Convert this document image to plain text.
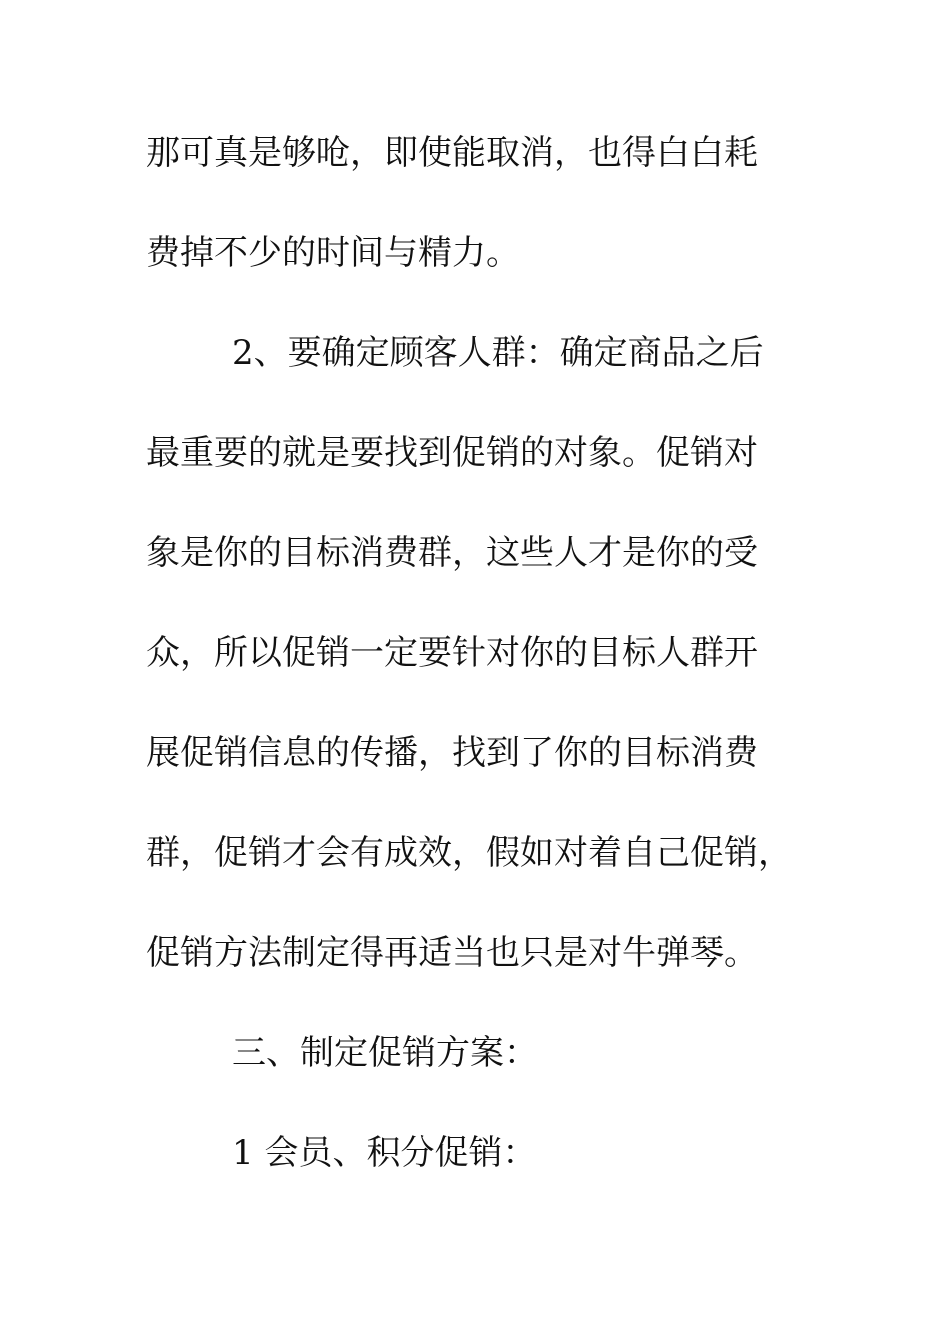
那可真是够呛，即使能取消，也得白白耗
费掉不少的时间与精力。
2、要确定顾客人群：确定商品之后
最重要的就是要找到促销的对象。促销对
象是你的目标消费群，这些人才是你的受
众，所以促销一定要针对你的目标人群开
展促销信息的传播，找到了你的目标消费
群，促销才会有成效，假如对着自己促销，
促销方法制定得再适当也只是对牛弹琴。
三、制定促销方案：
1 会员、积分促销：
